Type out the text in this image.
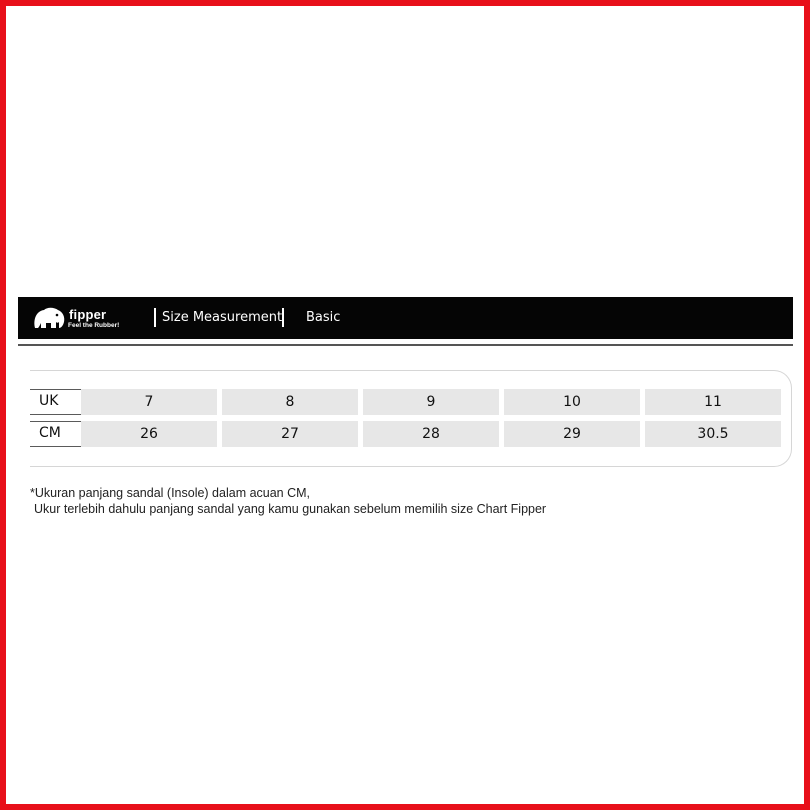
fipper
Feel the Rubber!
Size Measurement Basic
UK	7	8	9	10	11
CM	26	27	28	29	30.5
*Ukuran panjang sandal (Insole) dalam acuan CM,
Ukur terlebih dahulu panjang sandal yang kamu gunakan sebelum memilih size Chart Fipper
